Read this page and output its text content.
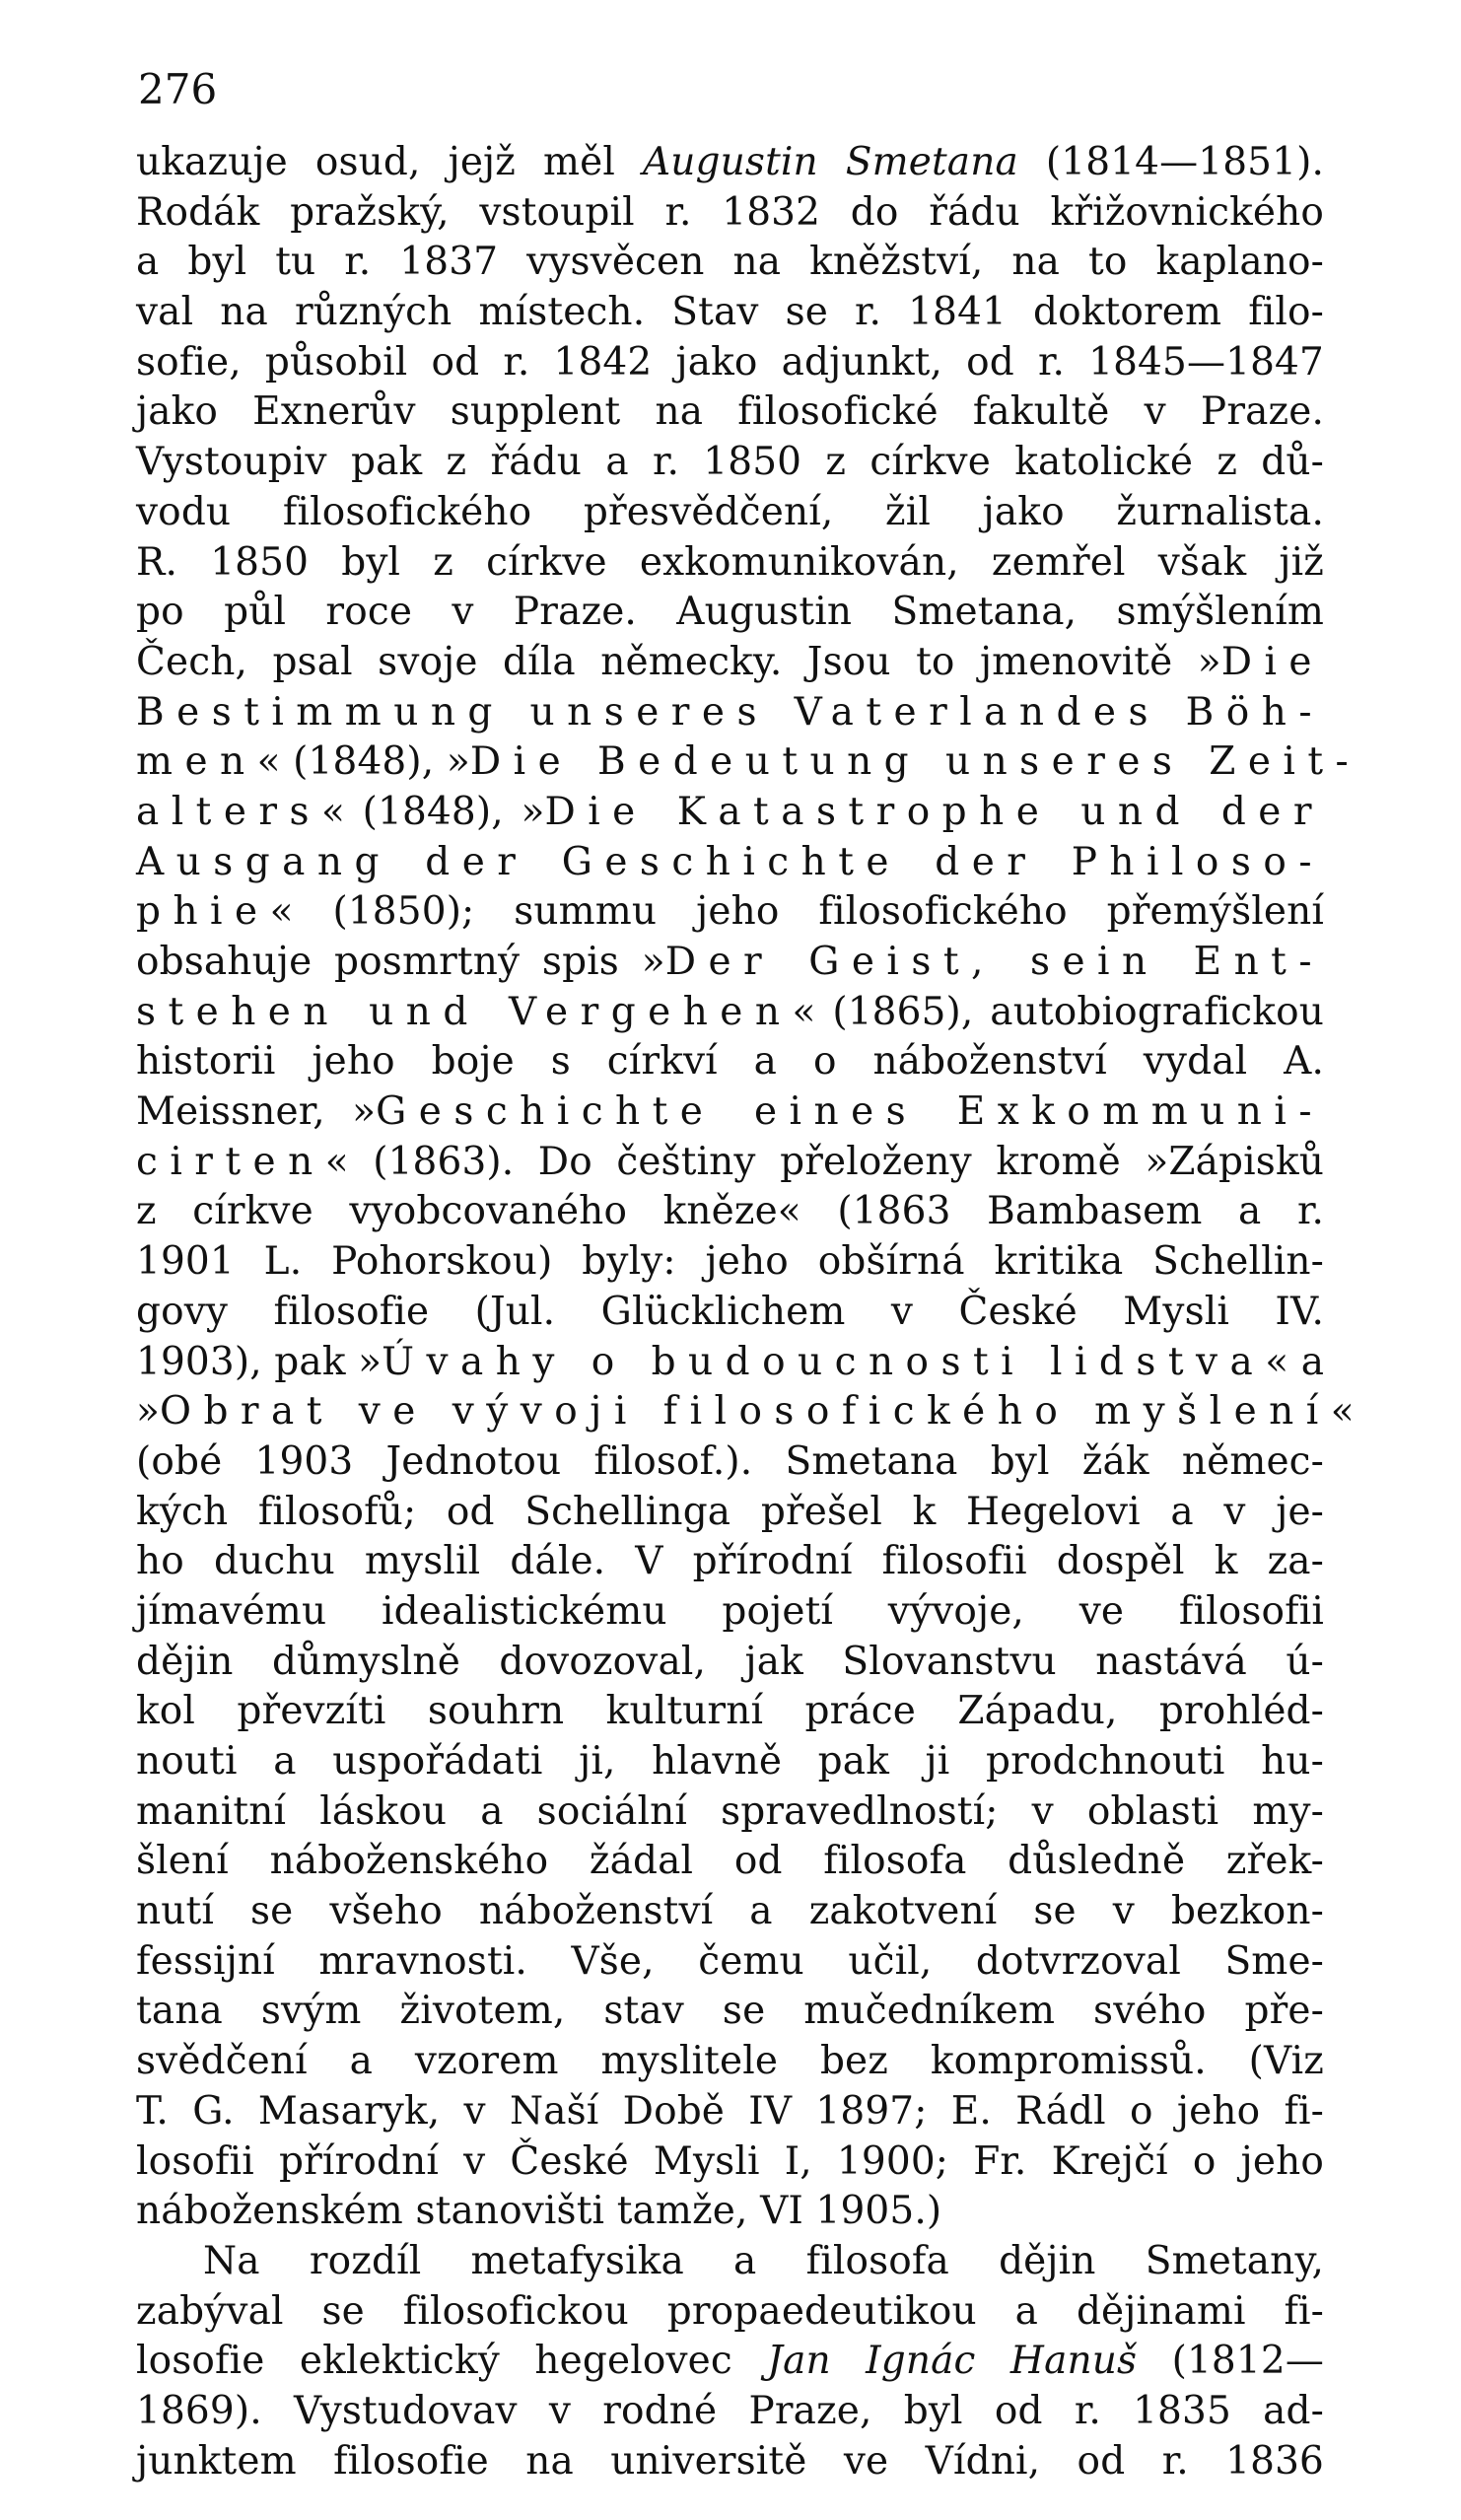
276
ukazuje osud, jejž měl Augustin Smetana (1814—1851).
Rodák pražský, vstoupil r. 1832 do řádu křižovnického
a byl tu r. 1837 vysvěcen na kněžství, na to kaplano-
val na různých místech. Stav se r. 1841 doktorem filo-
sofie, působil od r. 1842 jako adjunkt, od r. 1845—1847
jako Exnerův supplent na filosofické fakultě v Praze.
Vystoupiv pak z řádu a r. 1850 z církve katolické z dů-
vodu filosofického přesvědčení, žil jako žurnalista.
R. 1850 byl z církve exkomunikován, zemřel však již
po půl roce v Praze. Augustin Smetana, smýšlením
Čech, psal svoje díla německy. Jsou to jmenovitě »Die
Bestimmung unseres Vaterlandes Böh-
men« (1848), »Die Bedeutung unseres Zeit-
alters« (1848), »Die Katastrophe und der
Ausgang der Geschichte der Philoso-
phie« (1850); summu jeho filosofického přemýšlení
obsahuje posmrtný spis »Der Geist, sein Ent-
stehen und Vergehen« (1865), autobiografickou
historii jeho boje s církví a o náboženství vydal A.
Meissner, »Geschichte eines Exkommuni-
cirten« (1863). Do češtiny přeloženy kromě »Zápisků
z církve vyobcovaného kněze« (1863 Bambasem a r.
1901 L. Pohorskou) byly: jeho obšírná kritika Schellin-
govy filosofie (Jul. Glücklichem v České Mysli IV.
1903), pak »Úvahy o budoucnosti lidstva« a
»Obrat ve vývoji filosofického myšlení«
(obé 1903 Jednotou filosof.). Smetana byl žák němec-
kých filosofů; od Schellinga přešel k Hegelovi a v je-
ho duchu myslil dále. V přírodní filosofii dospěl k za-
jímavému idealistickému pojetí vývoje, ve filosofii
dějin důmyslně dovozoval, jak Slovanstvu nastává ú-
kol převzíti souhrn kulturní práce Západu, prohléd-
nouti a uspořádati ji, hlavně pak ji prodchnouti hu-
manitní láskou a sociální spravedlností; v oblasti my-
šlení náboženského žádal od filosofa důsledně zřek-
nutí se všeho náboženství a zakotvení se v bezkon-
fessijní mravnosti. Vše, čemu učil, dotvrzoval Sme-
tana svým životem, stav se mučedníkem svého pře-
svědčení a vzorem myslitele bez kompromissů. (Viz
T. G. Masaryk, v Naší Době IV 1897; E. Rádl o jeho fi-
losofii přírodní v České Mysli I, 1900; Fr. Krejčí o jeho
náboženském stanovišti tamže, VI 1905.)
Na rozdíl metafysika a filosofa dějin Smetany,
zabýval se filosofickou propaedeutikou a dějinami fi-
losofie eklektický hegelovec Jan Ignác Hanuš (1812—
1869). Vystudovav v rodné Praze, byl od r. 1835 ad-
junktem filosofie na universitě ve Vídni, od r. 1836
